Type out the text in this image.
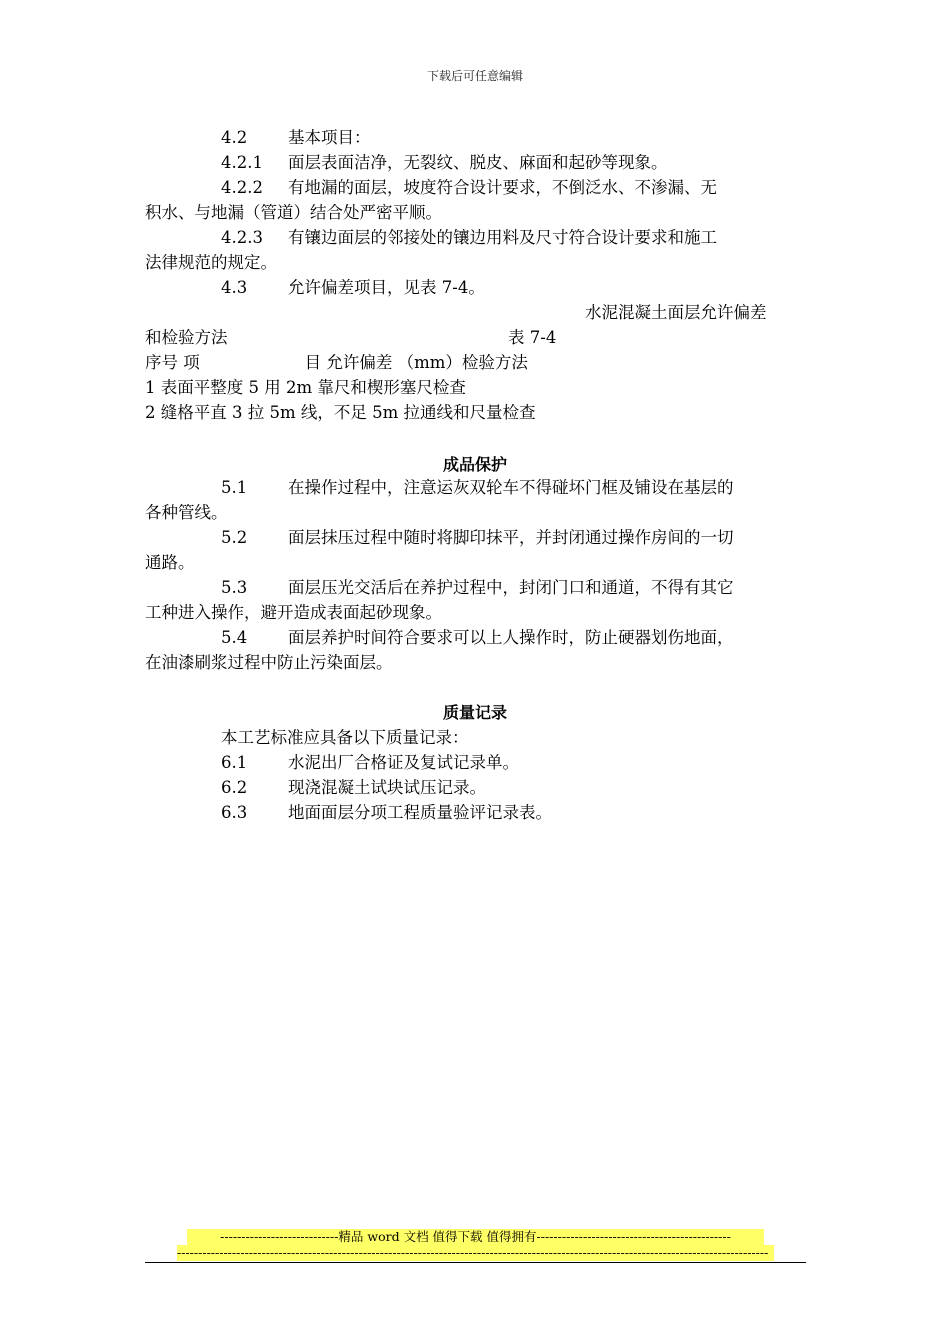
下载后可任意编辑
4.2 基本项目：
4.2.1 面层表面洁净，无裂纹、脱皮、麻面和起砂等现象。
4.2.2 有地漏的面层，坡度符合设计要求，不倒泛水、不渗漏、无
积水、与地漏（管道）结合处严密平顺。
4.2.3 有镶边面层的邻接处的镶边用料及尺寸符合设计要求和施工
法律规范的规定。
4.3 允许偏差项目，见表 7-4。
水泥混凝土面层允许偏差
和检验方法	表 7-4
序号 项                    目 允许偏差 （mm）检验方法
1 表面平整度 5 用 2m 靠尺和楔形塞尺检查
2 缝格平直 3 拉 5m 线，不足 5m 拉通线和尺量检查
成品保护
5.1 在操作过程中，注意运灰双轮车不得碰坏门框及铺设在基层的
各种管线。
5.2 面层抹压过程中随时将脚印抹平，并封闭通过操作房间的一切
通路。
5.3 面层压光交活后在养护过程中，封闭门口和通道，不得有其它
工种进入操作，避开造成表面起砂现象。
5.4 面层养护时间符合要求可以上人操作时，防止硬器划伤地面，
在油漆刷浆过程中防止污染面层。
质量记录
本工艺标准应具备以下质量记录：
6.1 水泥出厂合格证及复试记录单。
6.2 现浇混凝土试块试压记录。
6.3 地面面层分项工程质量验评记录表。
----------------------------精品 word 文档 值得下载 值得拥有----------------------------------------------
--------------------------------------------------------------------------------------------------------------------------------------------
